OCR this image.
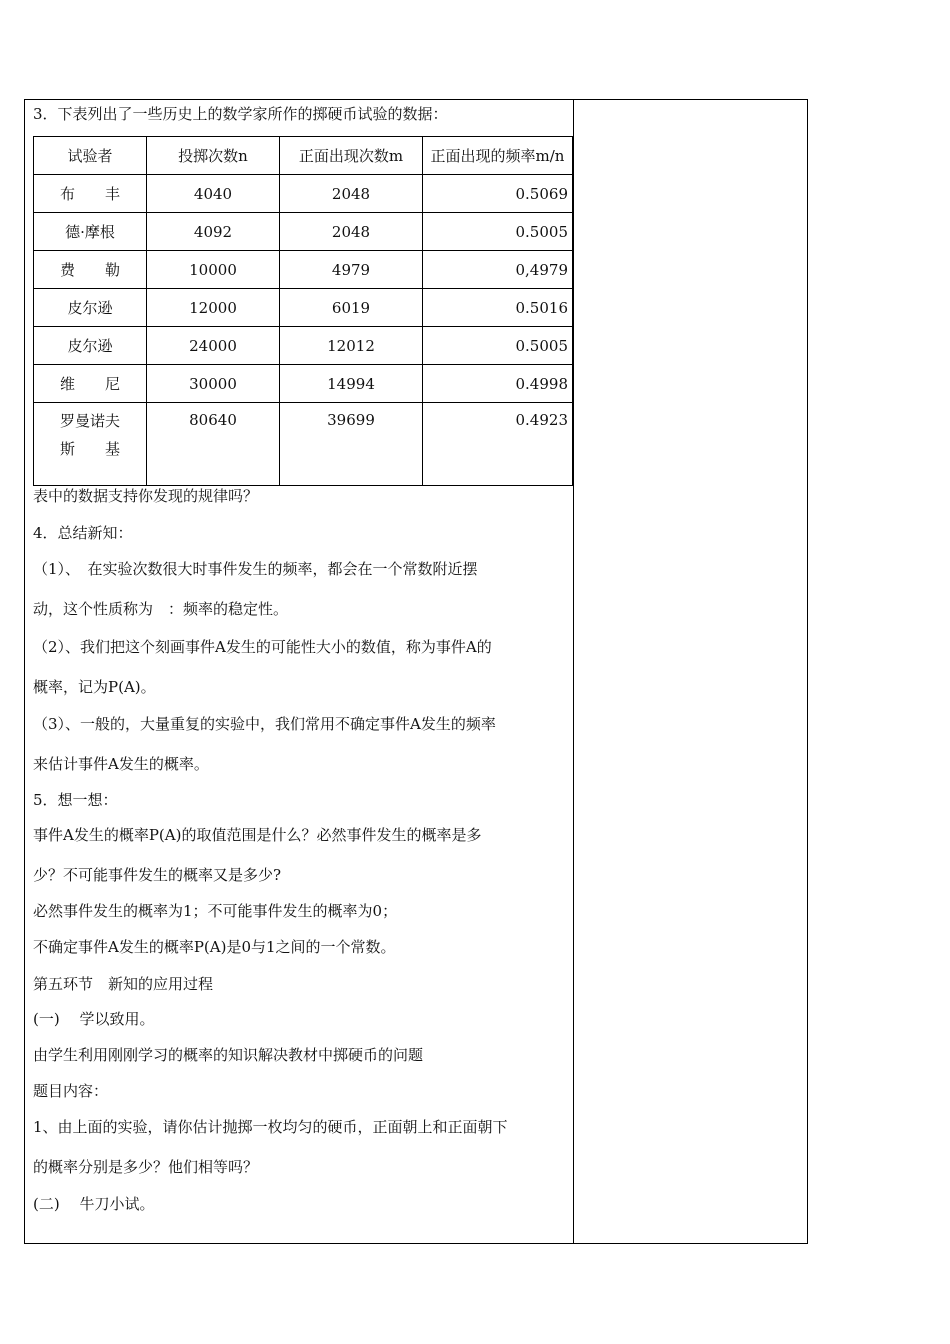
3．下表列出了一些历史上的数学家所作的掷硬币试验的数据：
试验者	投掷次数n	正面出现次数m	正面出现的频率m/n
布　　丰	4040	2048	0.5069
德·摩根	4092	2048	0.5005
费　　勒	10000	4979	0,4979
皮尔逊	12000	6019	0.5016
皮尔逊	24000	12012	0.5005
维　　尼	30000	14994	0.4998

罗曼诺夫
斯　　基	80640	39699	0.4923
表中的数据支持你发现的规律吗？
4．总结新知：
（1）、　在实验次数很大时事件发生的频率，都会在一个常数附近摆
动，这个性质称为　：频率的稳定性。
（2）、我们把这个刻画事件A发生的可能性大小的数值，称为事件A的
概率，记为P(A)。
（3）、一般的，大量重复的实验中，我们常用不确定事件A发生的频率
来估计事件A发生的概率。
5．想一想：
事件A发生的概率P(A)的取值范围是什么？必然事件发生的概率是多
少？不可能事件发生的概率又是多少?
必然事件发生的概率为1；不可能事件发生的概率为0；
不确定事件A发生的概率P(A)是0与1之间的一个常数。
第五环节　新知的应用过程
(一)　 学以致用。
由学生利用刚刚学习的概率的知识解决教材中掷硬币的问题
题目内容：
1、由上面的实验，请你估计抛掷一枚均匀的硬币，正面朝上和正面朝下
的概率分别是多少？他们相等吗？
(二)　 牛刀小试。
